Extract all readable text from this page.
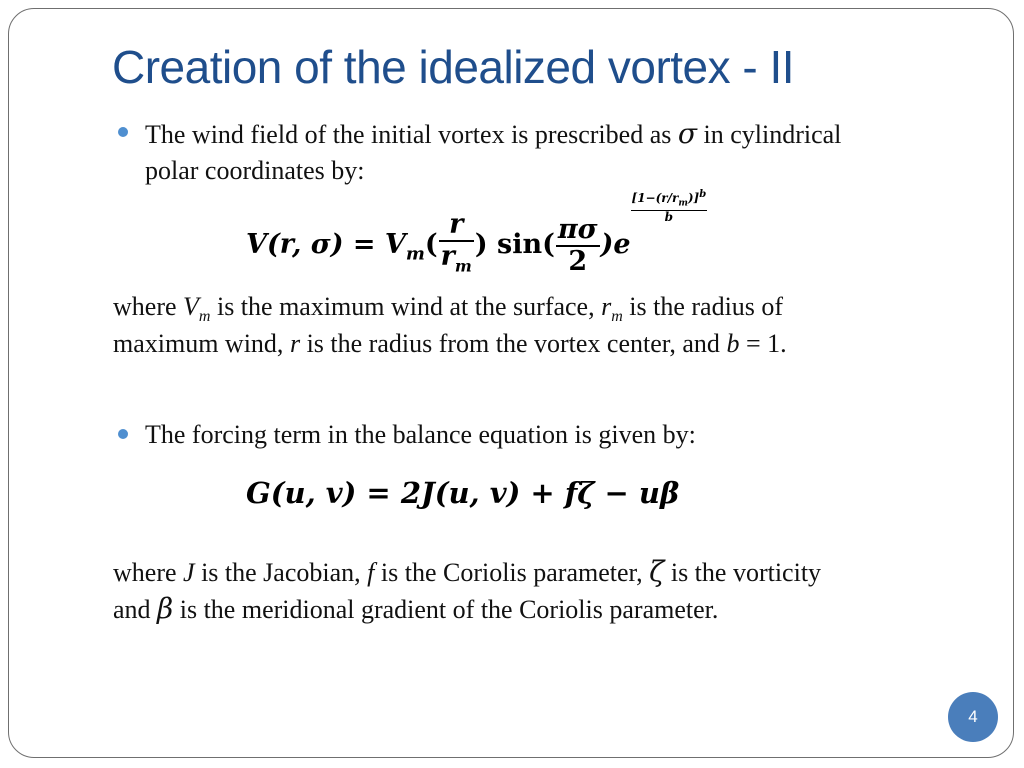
Creation of the idealized vortex - II
The wind field of the initial vortex is prescribed as σ in cylindrical
polar coordinates by:
V(r, $\sigma) = V_m( \frac{r}{r_m}$ ) $\sin( \frac{\pi\sigma}{2} )e$
$\frac{[1-(r/r_m)]^b}{b}$
where $V_m$ is the maximum wind at the surface, $r_m$ is the radius of
maximum wind, r is the radius from the vortex center, and b = 1.
The forcing term in the balance equation is given by:
G(u, v) = 2J(u, v) + fζ − uβ
where J is the Jacobian, f is the Coriolis parameter, ζ is the vorticity
and β is the meridional gradient of the Coriolis parameter.
4
